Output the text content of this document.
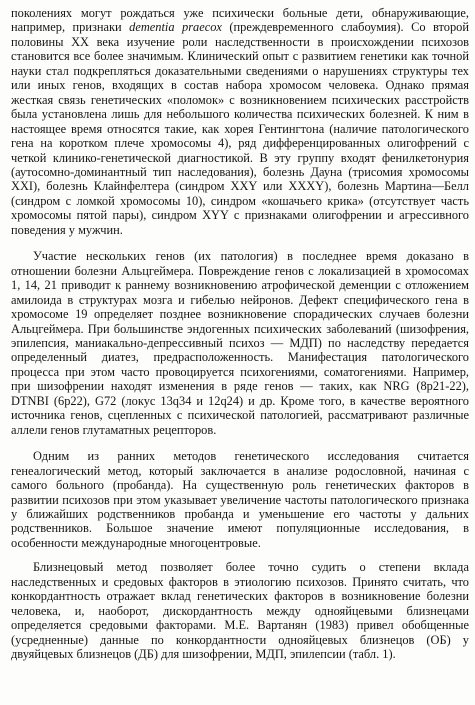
поколениях могут рождаться уже психически больные дети, обнаруживающие, например, признаки dementia praecox (преждевременного слабоумия). Со второй половины XX века изучение роли наследственности в происхождении психозов становится все более значимым. Клинический опыт с развитием генетики как точной науки стал подкрепляться доказательными сведениями о нарушениях структуры тех или иных генов, входящих в состав набора хромосом человека. Однако прямая жесткая связь генетических «поломок» с возникновением психических расстройств была установлена лишь для небольшого количества психических болезней. К ним в настоящее время относятся такие, как хорея Гентингтона (наличие патологического гена на коротком плече хромосомы 4), ряд дифференцированных олигофрений с четкой клинико-генетической диагностикой. В эту группу входят фенилкетонурия (аутосомно-доминантный тип наследования), болезнь Дауна (трисомия хромосомы XXI), болезнь Клайнфелтера (синдром XXY или XXXY), болезнь Мартина—Белл (синдром с ломкой хромосомы 10), синдром «кошачьего крика» (отсутствует часть хромосомы пятой пары), синдром XYY с признаками олигофрении и агрессивного поведения у мужчин.

Участие нескольких генов (их патология) в последнее время доказано в отношении болезни Альцгеймера. Повреждение генов с локализацией в хромосомах 1, 14, 21 приводит к раннему возникновению атрофической деменции с отложением амилоида в структурах мозга и гибелью нейронов. Дефект специфического гена в хромосоме 19 определяет позднее возникновение спорадических случаев болезни Альцгеймера. При большинстве эндогенных психических заболеваний (шизофрения, эпилепсия, маниакально-депрессивный психоз — МДП) по наследству передается определенный диатез, предрасположенность. Манифестация патологического процесса при этом часто провоцируется психогениями, соматогениями. Например, при шизофрении находят изменения в ряде генов — таких, как NRG (8р21-22), DTNBI (6р22), G72 (локус 13q34 и 12q24) и др. Кроме того, в качестве вероятного источника генов, сцепленных с психической патологией, рассматривают различные аллели генов глутаматных рецепторов.

Одним из ранних методов генетического исследования считается генеалогический метод, который заключается в анализе родословной, начиная с самого больного (пробанда). На существенную роль генетических факторов в развитии психозов при этом указывает увеличение частоты патологического признака у ближайших родственников пробанда и уменьшение его частоты у дальних родственников. Большое значение имеют популяционные исследования, в особенности международные многоцентровые.

Близнецовый метод позволяет более точно судить о степени вклада наследственных и средовых факторов в этиологию психозов. Принято считать, что конкордантность отражает вклад генетических факторов в возникновение болезни человека, и, наоборот, дискордантность между однояйцевыми близнецами определяется средовыми факторами. М.Е. Вартанян (1983) привел обобщенные (усредненные) данные по конкордантности однояйцевых близнецов (ОБ) у двуяйцевых близнецов (ДБ) для шизофрении, МДП, эпилепсии (табл. 1).
